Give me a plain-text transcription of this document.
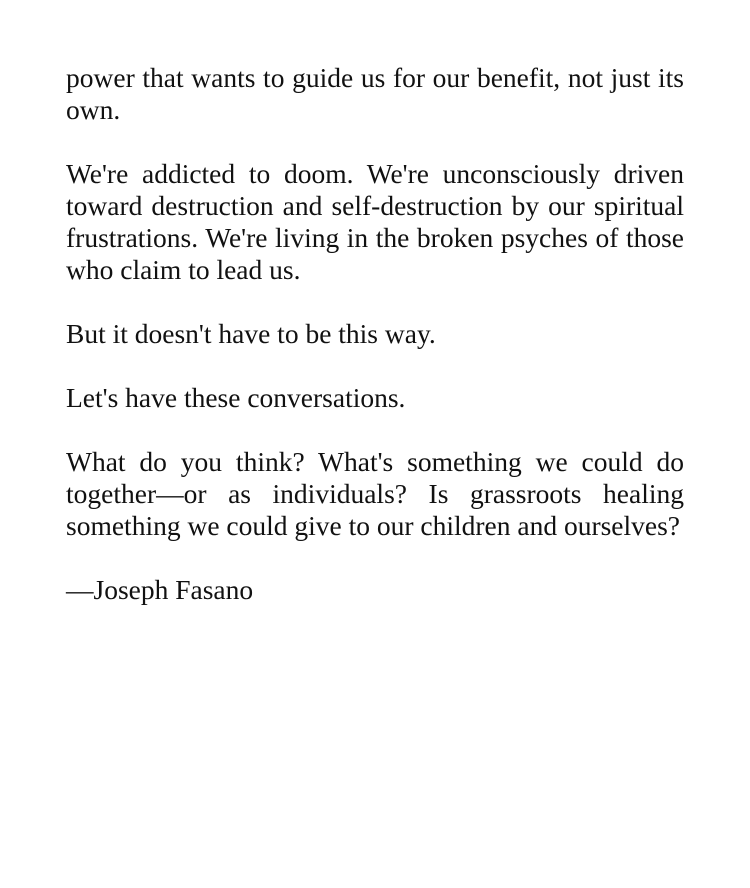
power that wants to guide us for our benefit, not just its own.

We're addicted to doom. We're unconsciously driven toward destruction and self-destruction by our spiritual frustrations. We're living in the broken psyches of those who claim to lead us.

But it doesn't have to be this way.

Let's have these conversations.

What do you think? What's something we could do together—or as individuals? Is grassroots healing something we could give to our children and ourselves?

—Joseph Fasano
